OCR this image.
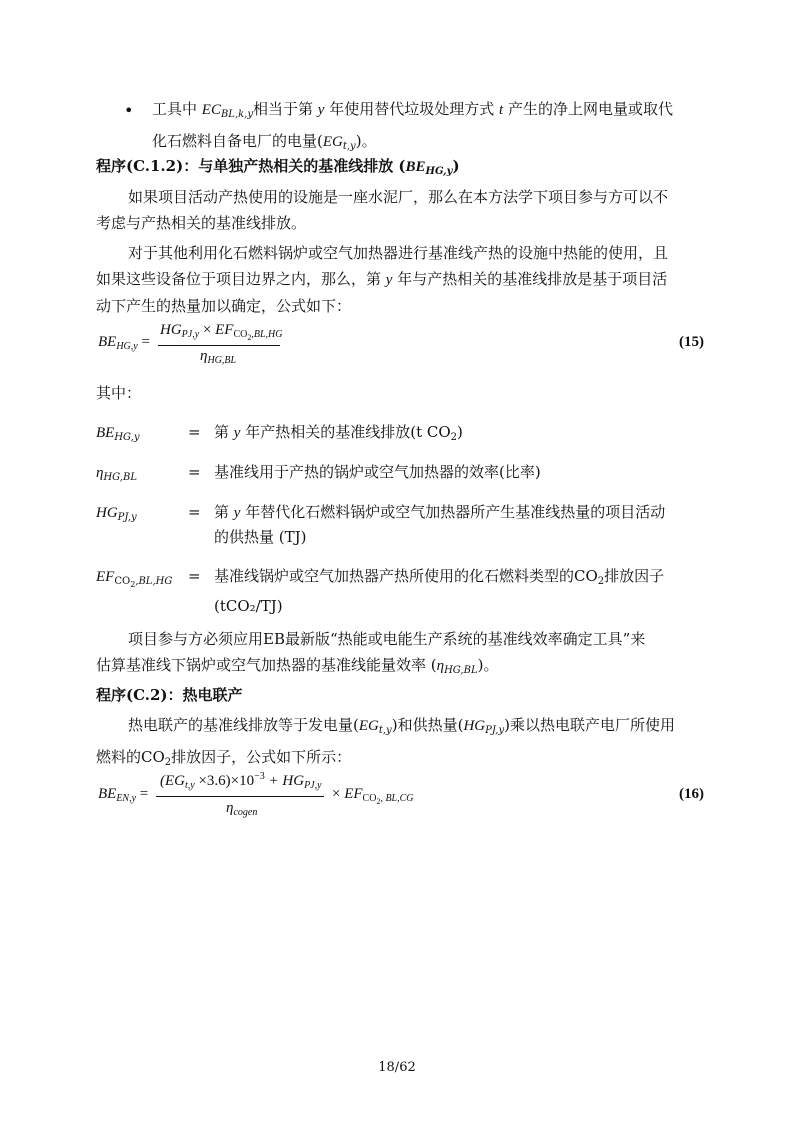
• 工具中 $EC_{BL,k,y}$相当于第 y 年使用替代垃圾处理方式 t 产生的净上网电量或取代
化石燃料自备电厂的电量$(EG_{t,y})$。

程序(C.1.2)：与单独产热相关的基准线排放 $(BE_{HG,y})$

如果项目活动产热使用的设施是一座水泥厂，那么在本方法学下项目参与方可以不
考虑与产热相关的基准线排放。

对于其他利用化石燃料锅炉或空气加热器进行基准线产热的设施中热能的使用，且
如果这些设备位于项目边界之内，那么，第 y 年与产热相关的基准线排放是基于项目活
动下产生的热量加以确定，公式如下：

$BE_{HG,y}$ =
$HG_{PJ,y} \times EF_{CO2,BL,HG}$
$\eta_{HG,BL}$
(15)

其中：

$BE_{HG,y}$	= 第 y 年产热相关的基准线排放(t $CO_2$)
$\eta_{HG,BL}$	= 基准线用于产热的锅炉或空气加热器的效率(比率)
$HG_{PJ,y}$	= 第 y 年替代化石燃料锅炉或空气加热器所产生基准线热量的项目活动
的供热量 (TJ)
$EF_{CO2,BL,HG}$	= 基准线锅炉或空气加热器产热所使用的化石燃料类型的$CO_2$排放因子
(tCO₂/TJ)

项目参与方必须应用EB最新版“热能或电能生产系统的基准线效率确定工具”来
估算基准线下锅炉或空气加热器的基准线能量效率 $(\eta_{HG,BL})$。

程序(C.2)：热电联产

热电联产的基准线排放等于发电量$(EG_{t,y})$和供热量$(HG_{PJ,y})$乘以热电联产电厂所使用
燃料的$CO_2$排放因子，公式如下所示：

$BE_{EN,y}$ =
$(EG_{t,y} \times 3.6)\times 10^{-3} + HG_{PJ,y}$
$\eta_{cogen}$
× $EF_{CO2, BL,CG}$	(16)
18/62
